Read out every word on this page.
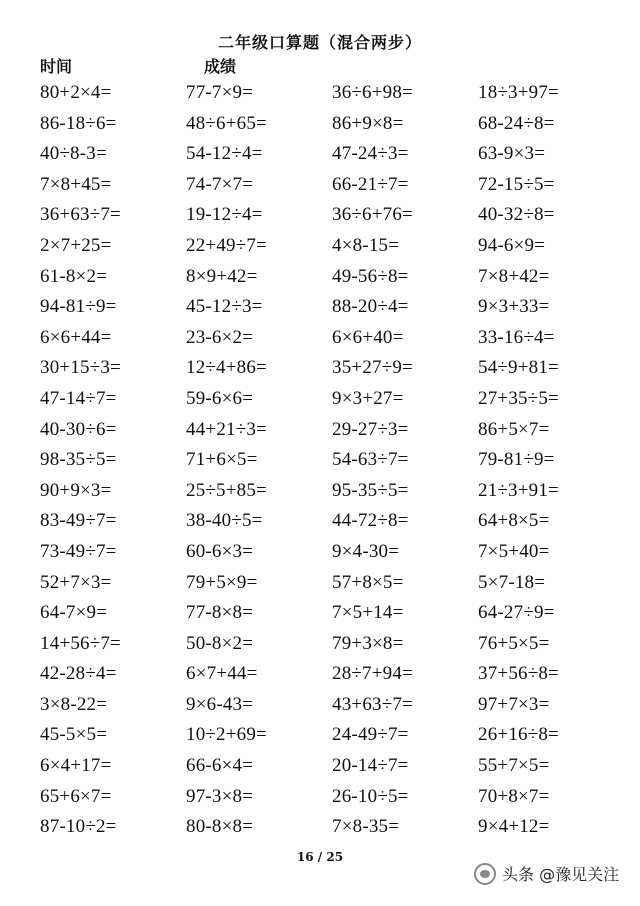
二年级口算题（混合两步）
时间	成绩
80+2×4=	77-7×9=	36÷6+98=	18÷3+97=
86-18÷6=	48÷6+65=	86+9×8=	68-24÷8=
40÷8-3=	54-12÷4=	47-24÷3=	63-9×3=
7×8+45=	74-7×7=	66-21÷7=	72-15÷5=
36+63÷7=	19-12÷4=	36÷6+76=	40-32÷8=
2×7+25=	22+49÷7=	4×8-15=	94-6×9=
61-8×2=	8×9+42=	49-56÷8=	7×8+42=
94-81÷9=	45-12÷3=	88-20÷4=	9×3+33=
6×6+44=	23-6×2=	6×6+40=	33-16÷4=
30+15÷3=	12÷4+86=	35+27÷9=	54÷9+81=
47-14÷7=	59-6×6=	9×3+27=	27+35÷5=
40-30÷6=	44+21÷3=	29-27÷3=	86+5×7=
98-35÷5=	71+6×5=	54-63÷7=	79-81÷9=
90+9×3=	25÷5+85=	95-35÷5=	21÷3+91=
83-49÷7=	38-40÷5=	44-72÷8=	64+8×5=
73-49÷7=	60-6×3=	9×4-30=	7×5+40=
52+7×3=	79+5×9=	57+8×5=	5×7-18=
64-7×9=	77-8×8=	7×5+14=	64-27÷9=
14+56÷7=	50-8×2=	79+3×8=	76+5×5=
42-28÷4=	6×7+44=	28÷7+94=	37+56÷8=
3×8-22=	9×6-43=	43+63÷7=	97+7×3=
45-5×5=	10÷2+69=	24-49÷7=	26+16÷8=
6×4+17=	66-6×4=	20-14÷7=	55+7×5=
65+6×7=	97-3×8=	26-10÷5=	70+8×7=
87-10÷2=	80-8×8=	7×8-35=	9×4+12=
16 / 25
头条 @豫见关注
